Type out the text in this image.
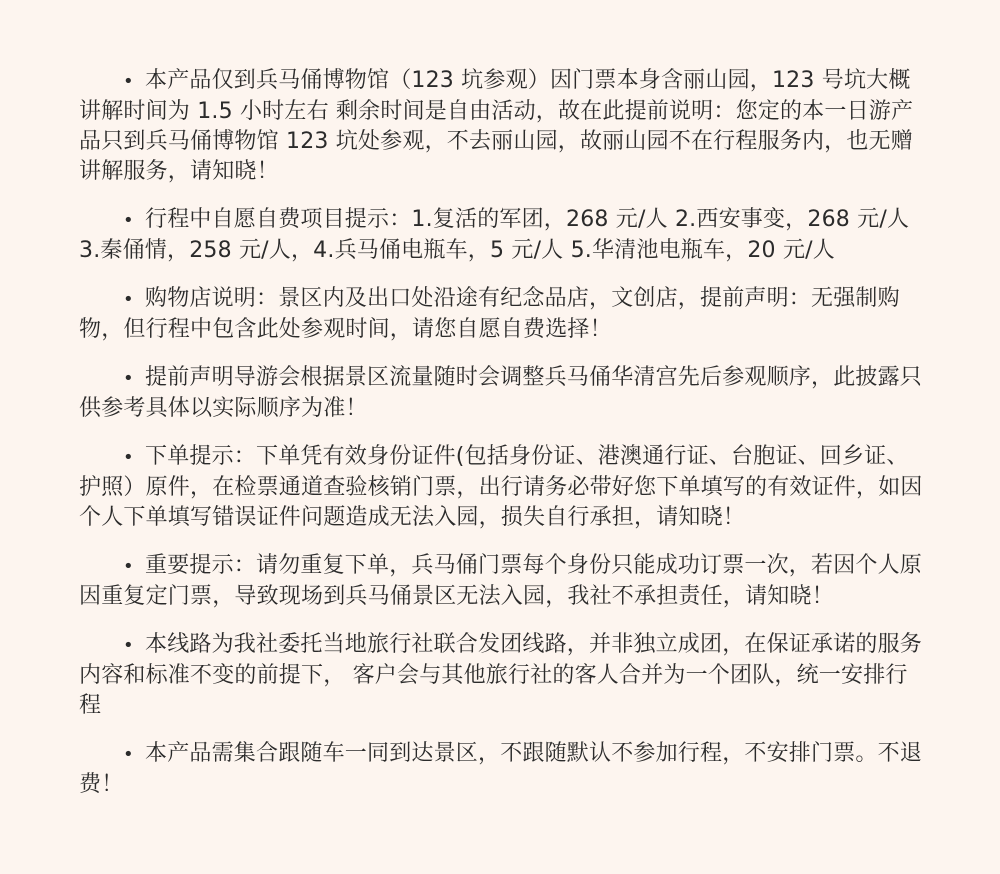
• 本产品仅到兵马俑博物馆（123 坑参观）因门票本身含丽山园，123 号坑大概讲解时间为 1.5 小时左右 剩余时间是自由活动，故在此提前说明：您定的本一日游产品只到兵马俑博物馆 123 坑处参观，不去丽山园，故丽山园不在行程服务内，也无赠讲解服务，请知晓！

• 行程中自愿自费项目提示：1.复活的军团，268 元/人 2.西安事变，268 元/人 3.秦俑情，258 元/人，4.兵马俑电瓶车，5 元/人 5.华清池电瓶车，20 元/人

• 购物店说明：景区内及出口处沿途有纪念品店，文创店，提前声明：无强制购物，但行程中包含此处参观时间，请您自愿自费选择！

• 提前声明导游会根据景区流量随时会调整兵马俑华清宫先后参观顺序，此披露只供参考具体以实际顺序为准！

• 下单提示：下单凭有效身份证件(包括身份证、港澳通行证、台胞证、回乡证、护照）原件，在检票通道查验核销门票，出行请务必带好您下单填写的有效证件，如因个人下单填写错误证件问题造成无法入园，损失自行承担，请知晓！

• 重要提示：请勿重复下单，兵马俑门票每个身份只能成功订票一次，若因个人原因重复定门票，导致现场到兵马俑景区无法入园，我社不承担责任，请知晓！

• 本线路为我社委托当地旅行社联合发团线路，并非独立成团，在保证承诺的服务内容和标准不变的前提下， 客户会与其他旅行社的客人合并为一个团队，统一安排行程

• 本产品需集合跟随车一同到达景区，不跟随默认不参加行程，不安排门票。不退费！
